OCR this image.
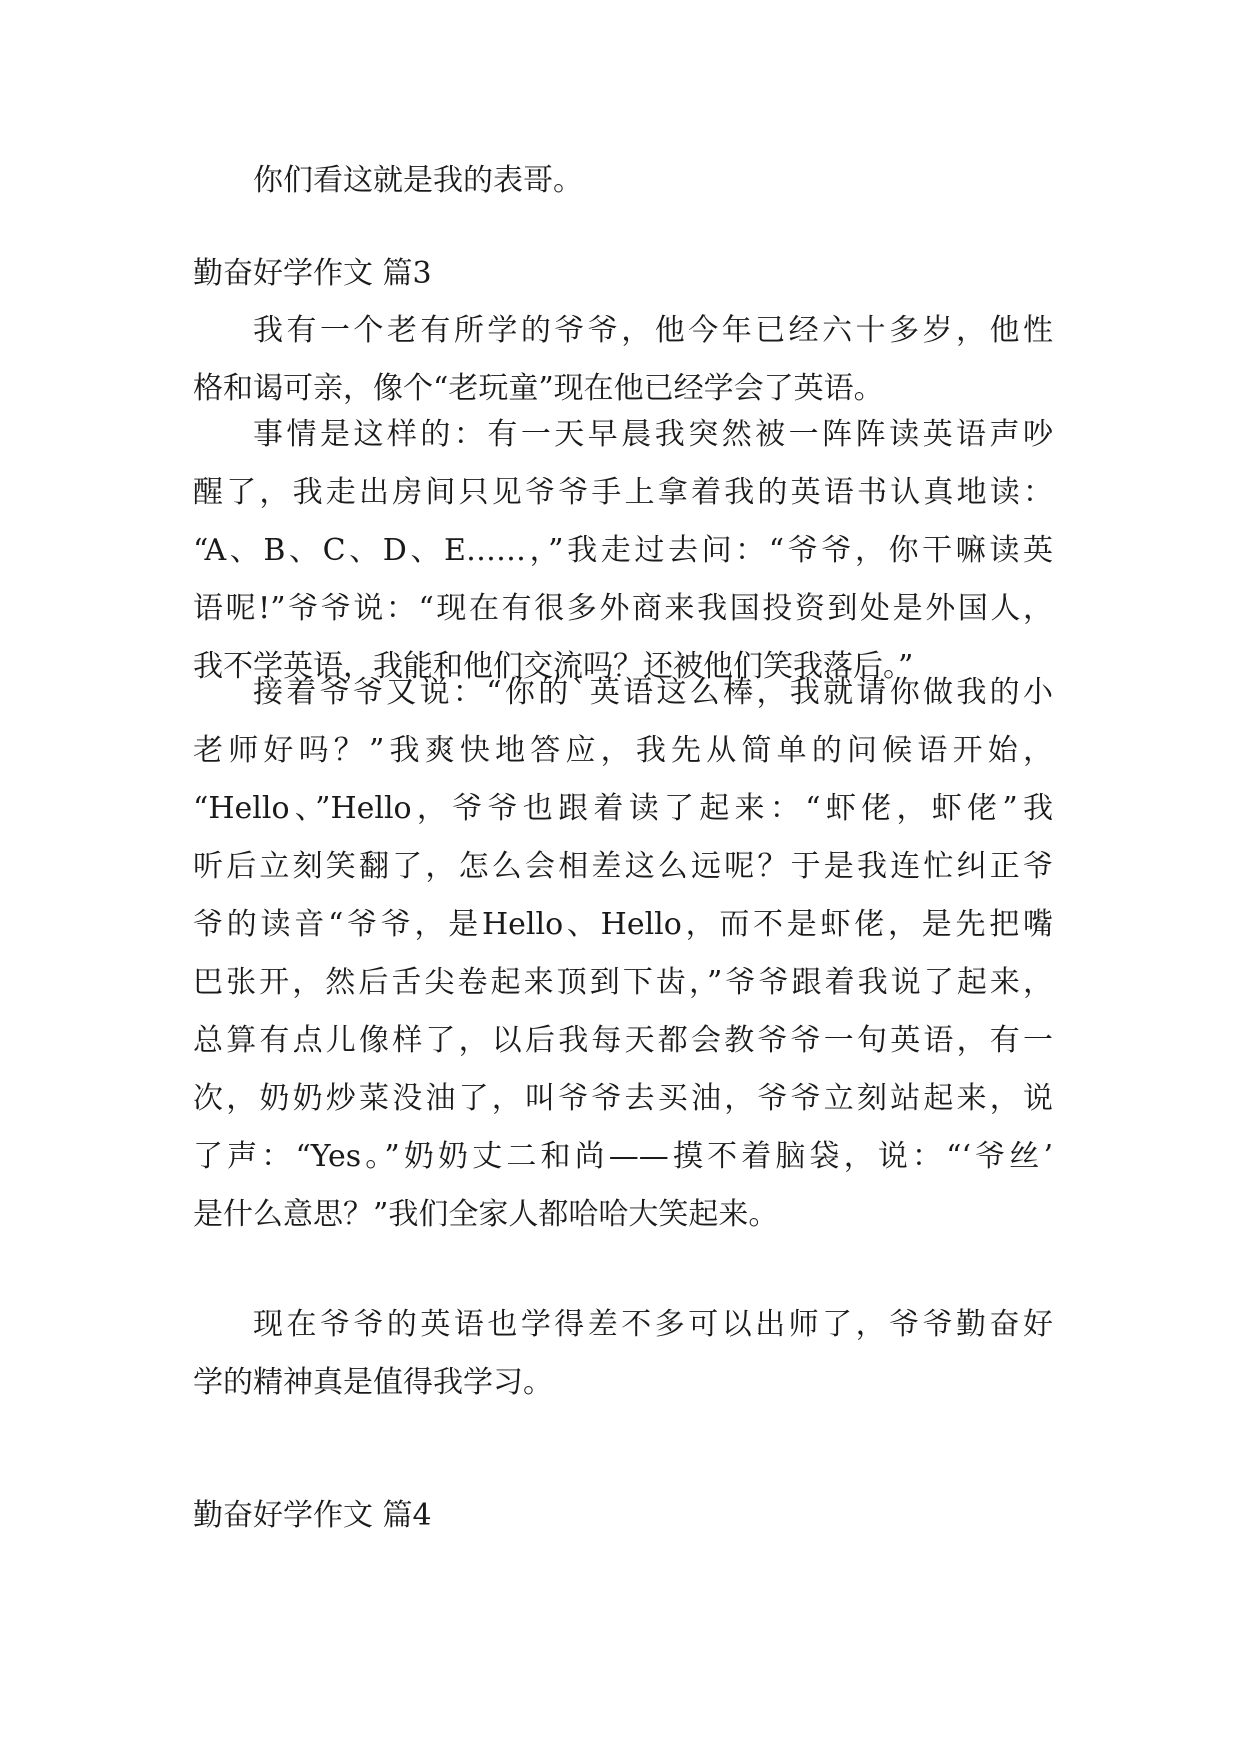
你们看这就是我的表哥。
勤奋好学作文 篇3
我有一个老有所学的爷爷，他今年已经六十多岁，他性
格和谒可亲，像个“老玩童”现在他已经学会了英语。
事情是这样的：有一天早晨我突然被一阵阵读英语声吵
醒了，我走出房间只见爷爷手上拿着我的英语书认真地读：
“A、B、C、D、E……，”我走过去问：“爷爷，你干嘛读英
语呢!”爷爷说：“现在有很多外商来我国投资到处是外国人，
我不学英语，我能和他们交流吗？还被他们笑我落后。”
接着爷爷又说：“你的`英语这么棒，我就请你做我的小
老师好吗？”我爽快地答应，我先从简单的问候语开始，
“Hello、”Hello，爷爷也跟着读了起来：“虾佬，虾佬”我
听后立刻笑翻了，怎么会相差这么远呢？于是我连忙纠正爷
爷的读音“爷爷，是Hello、Hello，而不是虾佬，是先把嘴
巴张开，然后舌尖卷起来顶到下齿，”爷爷跟着我说了起来，
总算有点儿像样了，以后我每天都会教爷爷一句英语，有一
次，奶奶炒菜没油了，叫爷爷去买油，爷爷立刻站起来，说
了声：“Yes。”奶奶丈二和尚——摸不着脑袋，说：“‘爷丝’
是什么意思？”我们全家人都哈哈大笑起来。
现在爷爷的英语也学得差不多可以出师了，爷爷勤奋好
学的精神真是值得我学习。
勤奋好学作文 篇4
